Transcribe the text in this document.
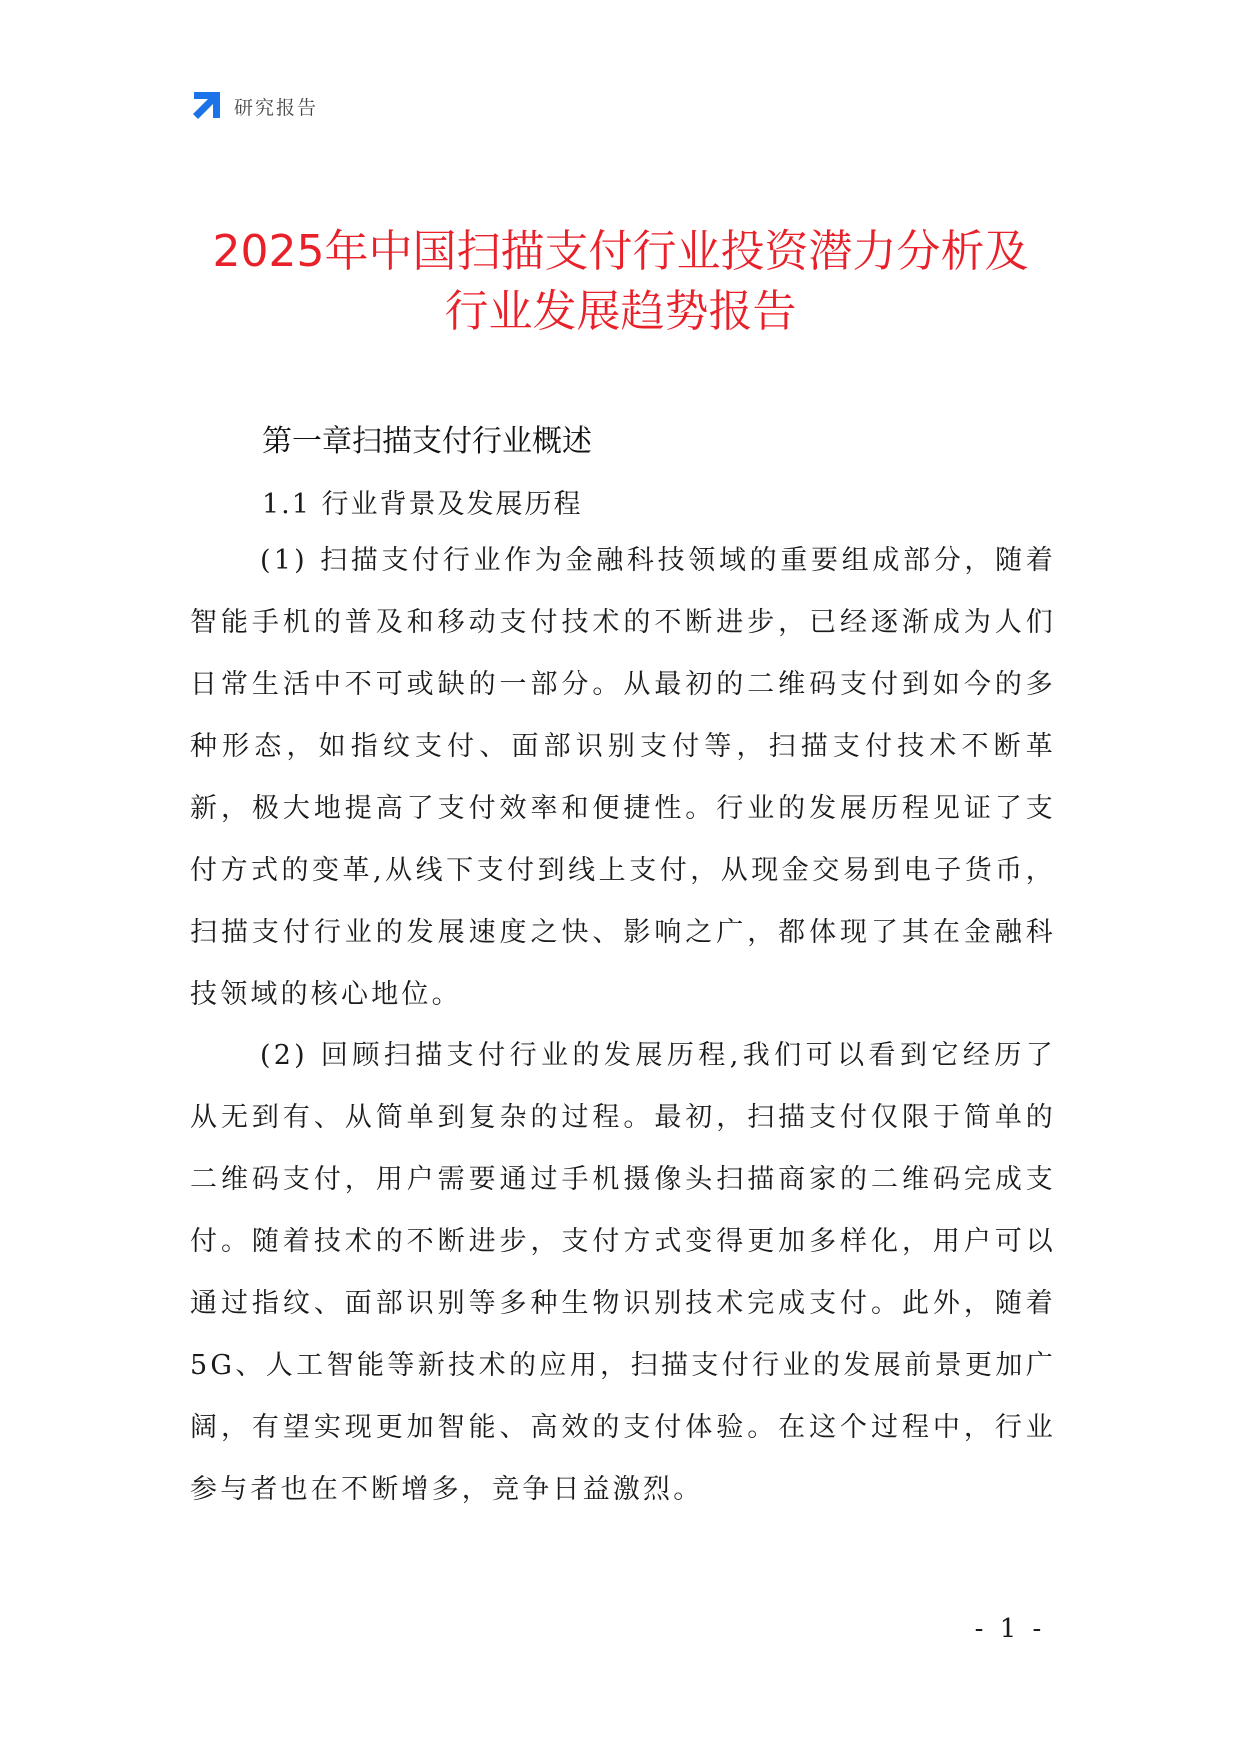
研究报告
2025年中国扫描支付行业投资潜力分析及
行业发展趋势报告
第一章扫描支付行业概述
1.1 行业背景及发展历程

(1) 扫描支付行业作为金融科技领域的重要组成部分，随着智能手机的普及和移动支付技术的不断进步，已经逐渐成为人们日常生活中不可或缺的一部分。从最初的二维码支付到如今的多种形态，如指纹支付、面部识别支付等，扫描支付技术不断革新，极大地提高了支付效率和便捷性。行业的发展历程见证了支付方式的变革,从线下支付到线上支付，从现金交易到电子货币，扫描支付行业的发展速度之快、影响之广，都体现了其在金融科技领域的核心地位。

(2) 回顾扫描支付行业的发展历程,我们可以看到它经历了从无到有、从简单到复杂的过程。最初，扫描支付仅限于简单的二维码支付，用户需要通过手机摄像头扫描商家的二维码完成支付。随着技术的不断进步，支付方式变得更加多样化，用户可以通过指纹、面部识别等多种生物识别技术完成支付。此外，随着5G、人工智能等新技术的应用，扫描支付行业的发展前景更加广阔，有望实现更加智能、高效的支付体验。在这个过程中，行业参与者也在不断增多，竞争日益激烈。

- 1 -
